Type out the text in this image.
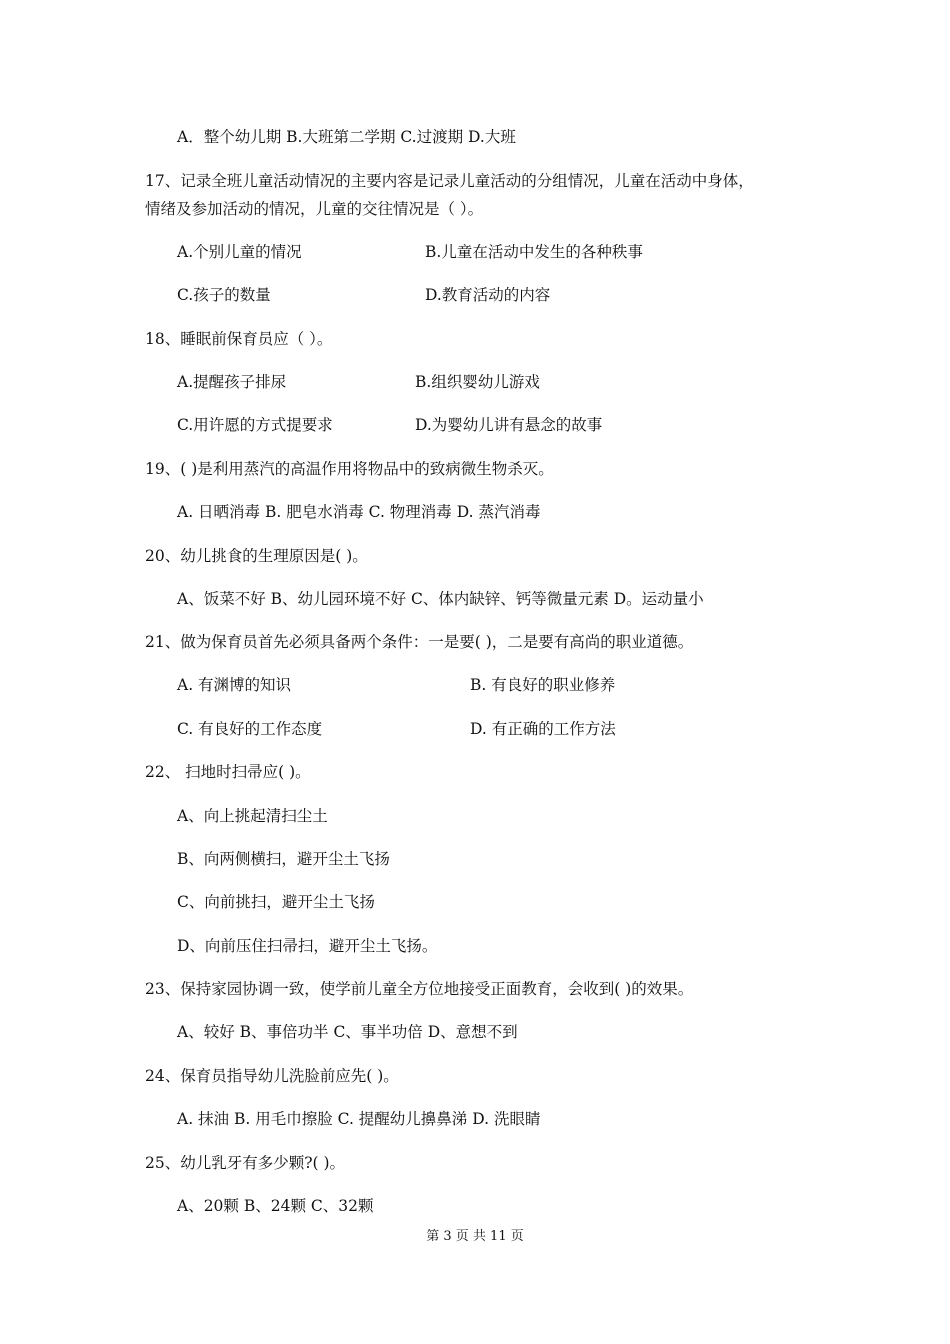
A．整个幼儿期 B.大班第二学期 C.过渡期 D.大班
17、记录全班儿童活动情况的主要内容是记录儿童活动的分组情况，儿童在活动中身体，
情绪及参加活动的情况，儿童的交往情况是（ ）。
A.个别儿童的情况	B.儿童在活动中发生的各种秩事
C.孩子的数量	D.教育活动的内容
18、睡眠前保育员应（ ）。
A.提醒孩子排尿	B.组织婴幼儿游戏
C.用许愿的方式提要求	D.为婴幼儿讲有悬念的故事
19、( )是利用蒸汽的高温作用将物品中的致病微生物杀灭。
A. 日晒消毒 B. 肥皂水消毒 C. 物理消毒 D. 蒸汽消毒
20、幼儿挑食的生理原因是( )。
A、饭菜不好 B、幼儿园环境不好 C、体内缺锌、钙等微量元素 D。运动量小
21、做为保育员首先必须具备两个条件：一是要( )，二是要有高尚的职业道德。
A. 有渊博的知识	B. 有良好的职业修养
C. 有良好的工作态度	D. 有正确的工作方法
22、 扫地时扫帚应( )。
A、向上挑起清扫尘土
B、向两侧横扫，避开尘土飞扬
C、向前挑扫，避开尘土飞扬
D、向前压住扫帚扫，避开尘土飞扬。
23、保持家园协调一致，使学前儿童全方位地接受正面教育，会收到( )的效果。
A、较好 B、事倍功半 C、事半功倍 D、意想不到
24、保育员指导幼儿洗脸前应先( )。
A. 抹油 B. 用毛巾擦脸 C. 提醒幼儿擤鼻涕 D. 洗眼睛
25、幼儿乳牙有多少颗?( )。
A、20颗 B、24颗 C、32颗
第 3 页 共 11 页
